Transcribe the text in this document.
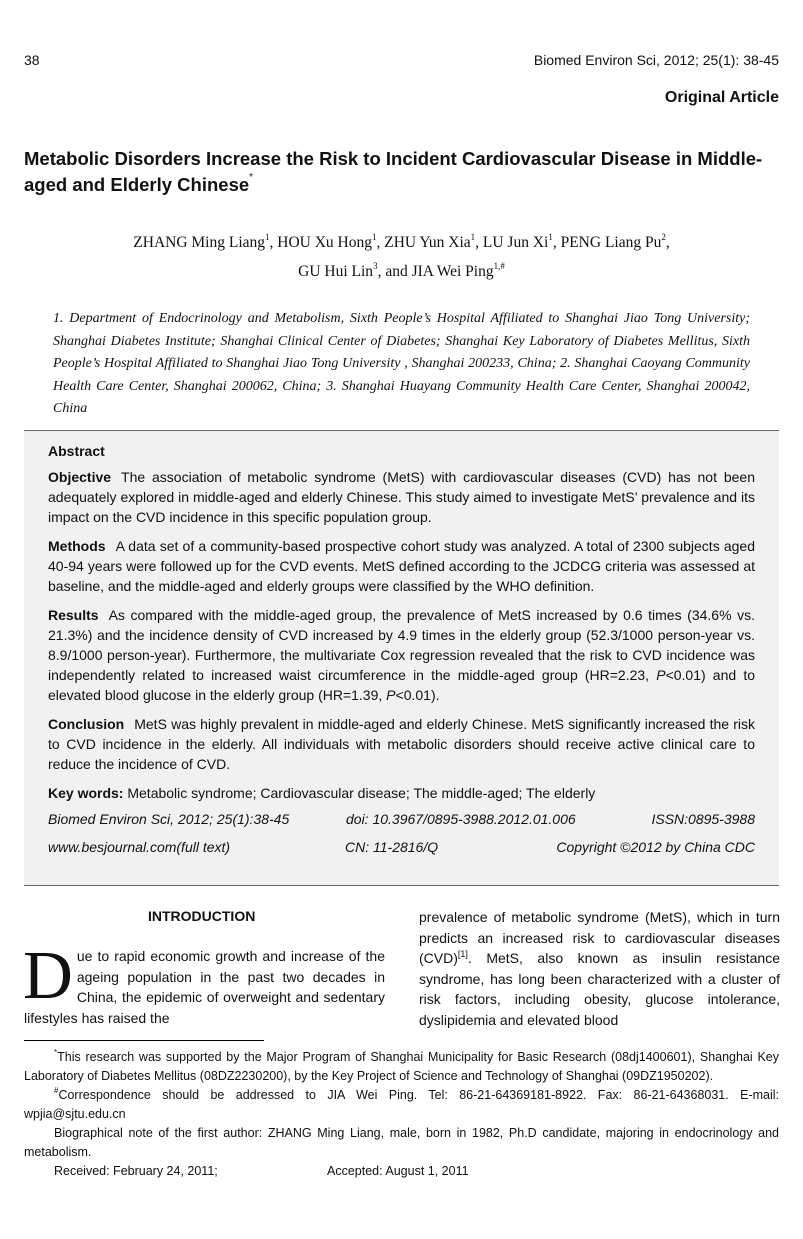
38	Biomed Environ Sci, 2012; 25(1): 38-45
Original Article
Metabolic Disorders Increase the Risk to Incident Cardiovascular Disease in Middle-aged and Elderly Chinese*
ZHANG Ming Liang$^1$, HOU Xu Hong$^1$, ZHU Yun Xia$^1$, LU Jun Xi$^1$, PENG Liang Pu$^2$,
GU Hui Lin$^3$, and JIA Wei Ping$^{1,\#}$
1. Department of Endocrinology and Metabolism, Sixth People’s Hospital Affiliated to Shanghai Jiao Tong University; Shanghai Diabetes Institute; Shanghai Clinical Center of Diabetes; Shanghai Key Laboratory of Diabetes Mellitus, Sixth People’s Hospital Affiliated to Shanghai Jiao Tong University , Shanghai 200233, China; 2. Shanghai Caoyang Community Health Care Center, Shanghai 200062, China; 3. Shanghai Huayang Community Health Care Center, Shanghai 200042, China
Abstract

Objective The association of metabolic syndrome (MetS) with cardiovascular diseases (CVD) has not been adequately explored in middle-aged and elderly Chinese. This study aimed to investigate MetS’ prevalence and its impact on the CVD incidence in this specific population group.

Methods A data set of a community-based prospective cohort study was analyzed. A total of 2300 subjects aged 40-94 years were followed up for the CVD events. MetS defined according to the JCDCG criteria was assessed at baseline, and the middle-aged and elderly groups were classified by the WHO definition.

Results As compared with the middle-aged group, the prevalence of MetS increased by 0.6 times (34.6% vs. 21.3%) and the incidence density of CVD increased by 4.9 times in the elderly group (52.3/1000 person-year vs. 8.9/1000 person-year). Furthermore, the multivariate Cox regression revealed that the risk to CVD incidence was independently related to increased waist circumference in the middle-aged group (HR=2.23, P<0.01) and to elevated blood glucose in the elderly group (HR=1.39, P<0.01).

Conclusion MetS was highly prevalent in middle-aged and elderly Chinese. MetS significantly increased the risk to CVD incidence in the elderly. All individuals with metabolic disorders should receive active clinical care to reduce the incidence of CVD.

Key words: Metabolic syndrome; Cardiovascular disease; The middle-aged; The elderly

Biomed Environ Sci, 2012; 25(1):38-45	doi: 10.3967/0895-3988.2012.01.006	ISSN:0895-3988
www.besjournal.com(full text)	CN: 11-2816/Q	Copyright ©2012 by China CDC
INTRODUCTION
Due to rapid economic growth and increase of the ageing population in the past two decades in China, the epidemic of overweight and sedentary lifestyles has raised the
prevalence of metabolic syndrome (MetS), which in turn predicts an increased risk to cardiovascular diseases (CVD)[1]. MetS, also known as insulin resistance syndrome, has long been characterized with a cluster of risk factors, including obesity, glucose intolerance, dyslipidemia and elevated blood

*This research was supported by the Major Program of Shanghai Municipality for Basic Research (08dj1400601), Shanghai Key Laboratory of Diabetes Mellitus (08DZ2230200), by the Key Project of Science and Technology of Shanghai (09DZ1950202).

#Correspondence should be addressed to JIA Wei Ping. Tel: 86-21-64369181-8922. Fax: 86-21-64368031. E-mail: wpjia@sjtu.edu.cn

Biographical note of the first author: ZHANG Ming Liang, male, born in 1982, Ph.D candidate, majoring in endocrinology and metabolism.

Received: February 24, 2011;	Accepted: August 1, 2011
